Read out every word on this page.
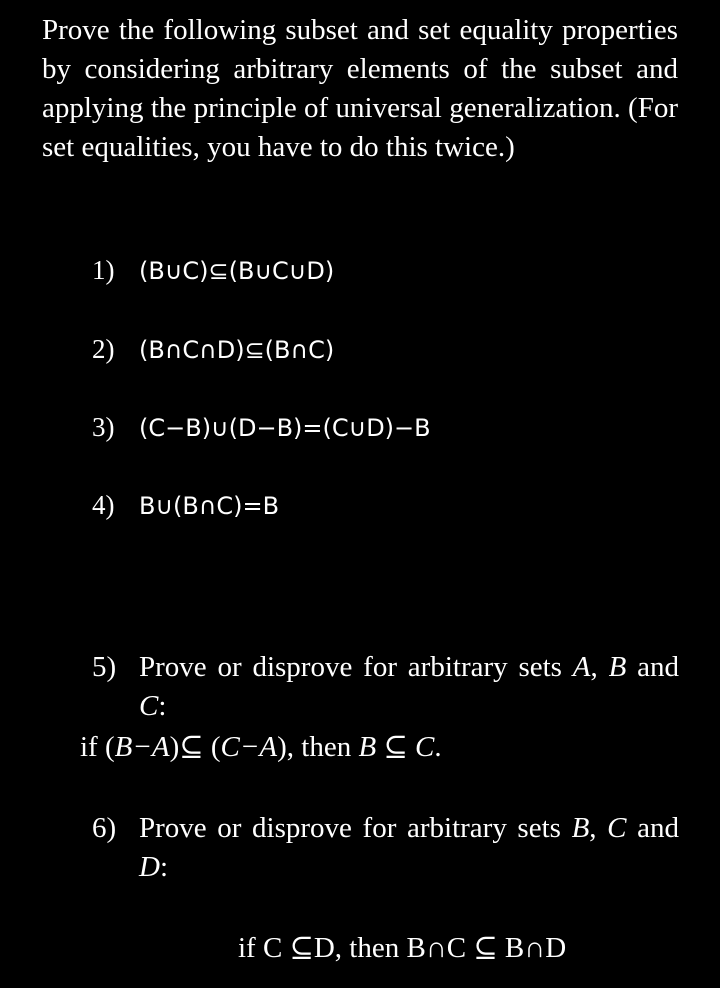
Prove the following subset and set equality properties by considering arbitrary elements of the subset and applying the principle of universal generalization. (For set equalities, you have to do this twice.)
1) (B∪C)⊆(B∪C∪D)
2) (B∩C∩D)⊆(B∩C)
3) (C−B)∪(D−B)=(C∪D)−B
4) B∪(B∩C)=B
5) Prove or disprove for arbitrary sets A, B and C:
if (B−A)⊆ (C−A), then B ⊆ C.
6) Prove or disprove for arbitrary sets B, C and D:
if C ⊆D, then B∩C ⊆ B∩D
